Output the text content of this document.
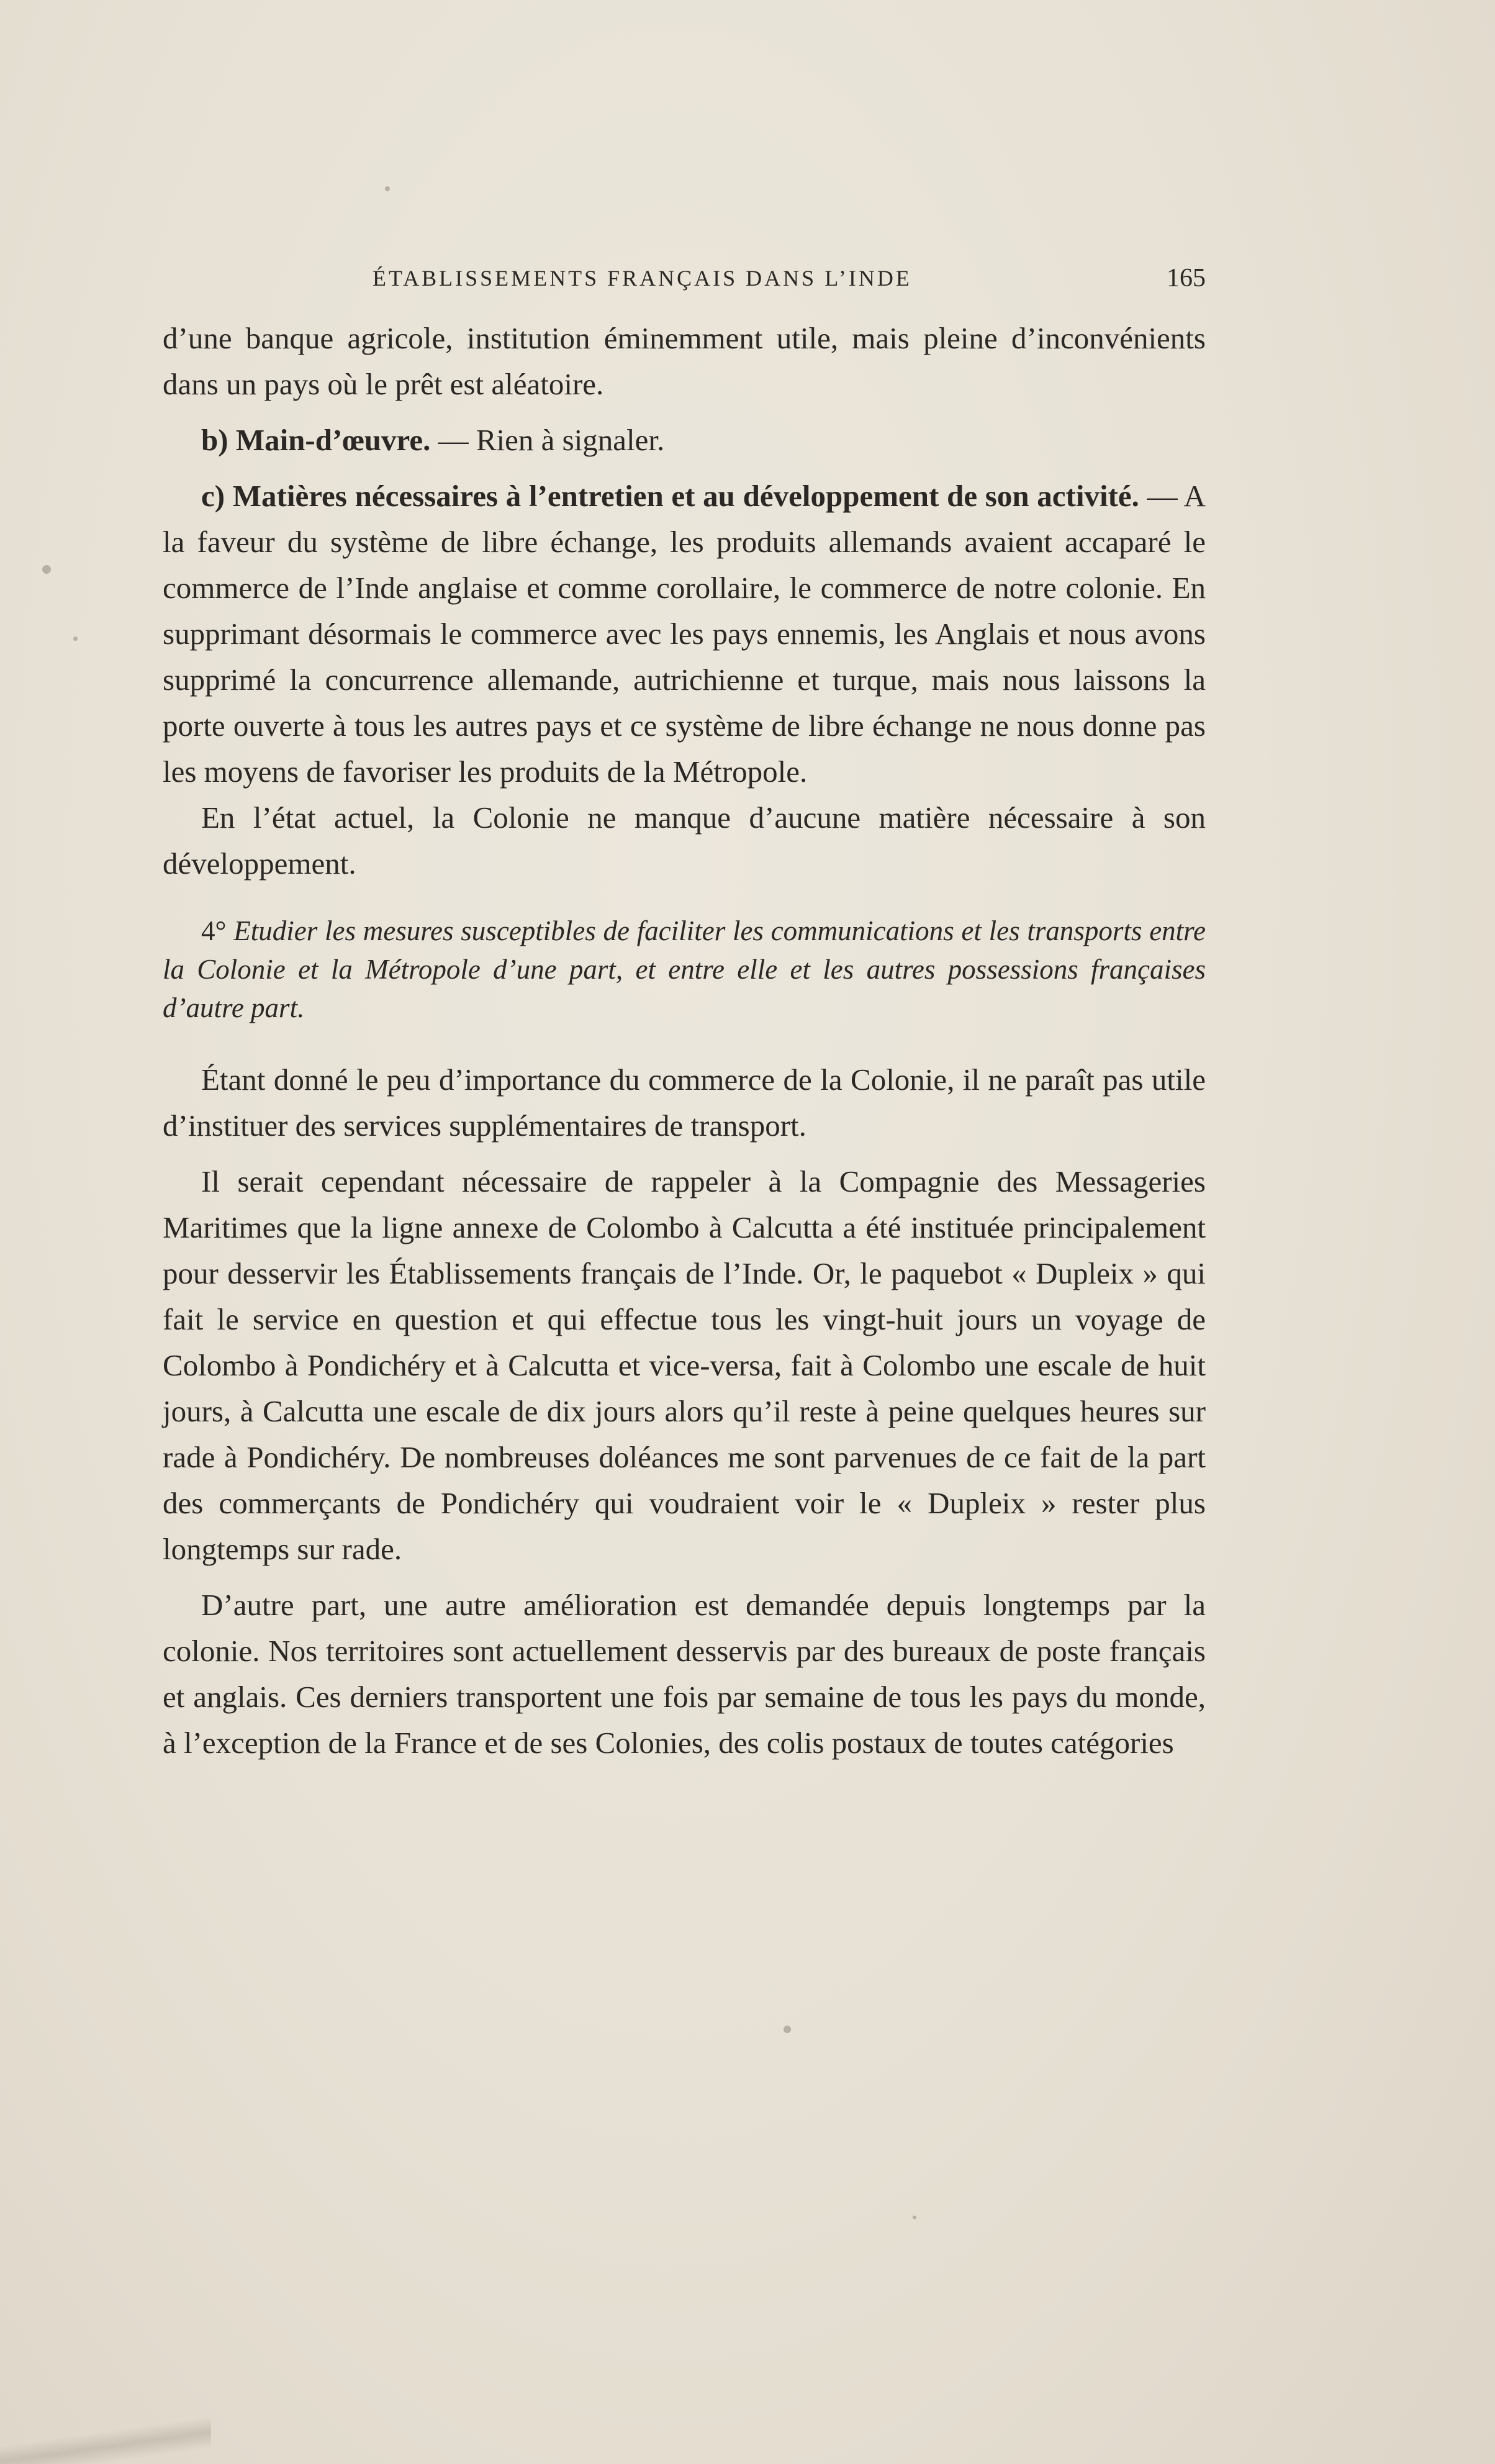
ÉTABLISSEMENTS FRANÇAIS DANS L’INDE	165

d’une banque agricole, institution éminemment utile, mais pleine d’inconvénients dans un pays où le prêt est aléatoire.

b) Main-d’œuvre. — Rien à signaler.

c) Matières nécessaires à l’entretien et au développement de son activité. — A la faveur du système de libre échange, les produits allemands avaient accaparé le commerce de l’Inde anglaise et comme corollaire, le commerce de notre colonie. En supprimant désormais le commerce avec les pays ennemis, les Anglais et nous avons supprimé la concurrence allemande, autrichienne et turque, mais nous laissons la porte ouverte à tous les autres pays et ce système de libre échange ne nous donne pas les moyens de favoriser les produits de la Métropole.

En l’état actuel, la Colonie ne manque d’aucune matière nécessaire à son développement.

4° Etudier les mesures susceptibles de faciliter les communications et les transports entre la Colonie et la Métropole d’une part, et entre elle et les autres possessions françaises d’autre part.

Étant donné le peu d’importance du commerce de la Colonie, il ne paraît pas utile d’instituer des services supplémentaires de transport.

Il serait cependant nécessaire de rappeler à la Compagnie des Messageries Maritimes que la ligne annexe de Colombo à Calcutta a été instituée principalement pour desservir les Établissements français de l’Inde. Or, le paquebot « Dupleix » qui fait le service en question et qui effectue tous les vingt-huit jours un voyage de Colombo à Pondichéry et à Calcutta et vice-versa, fait à Colombo une escale de huit jours, à Calcutta une escale de dix jours alors qu’il reste à peine quelques heures sur rade à Pondichéry. De nombreuses doléances me sont parvenues de ce fait de la part des commerçants de Pondichéry qui voudraient voir le « Dupleix » rester plus longtemps sur rade.

D’autre part, une autre amélioration est demandée depuis longtemps par la colonie. Nos territoires sont actuellement desservis par des bureaux de poste français et anglais. Ces derniers transportent une fois par semaine de tous les pays du monde, à l’exception de la France et de ses Colonies, des colis postaux de toutes catégories
